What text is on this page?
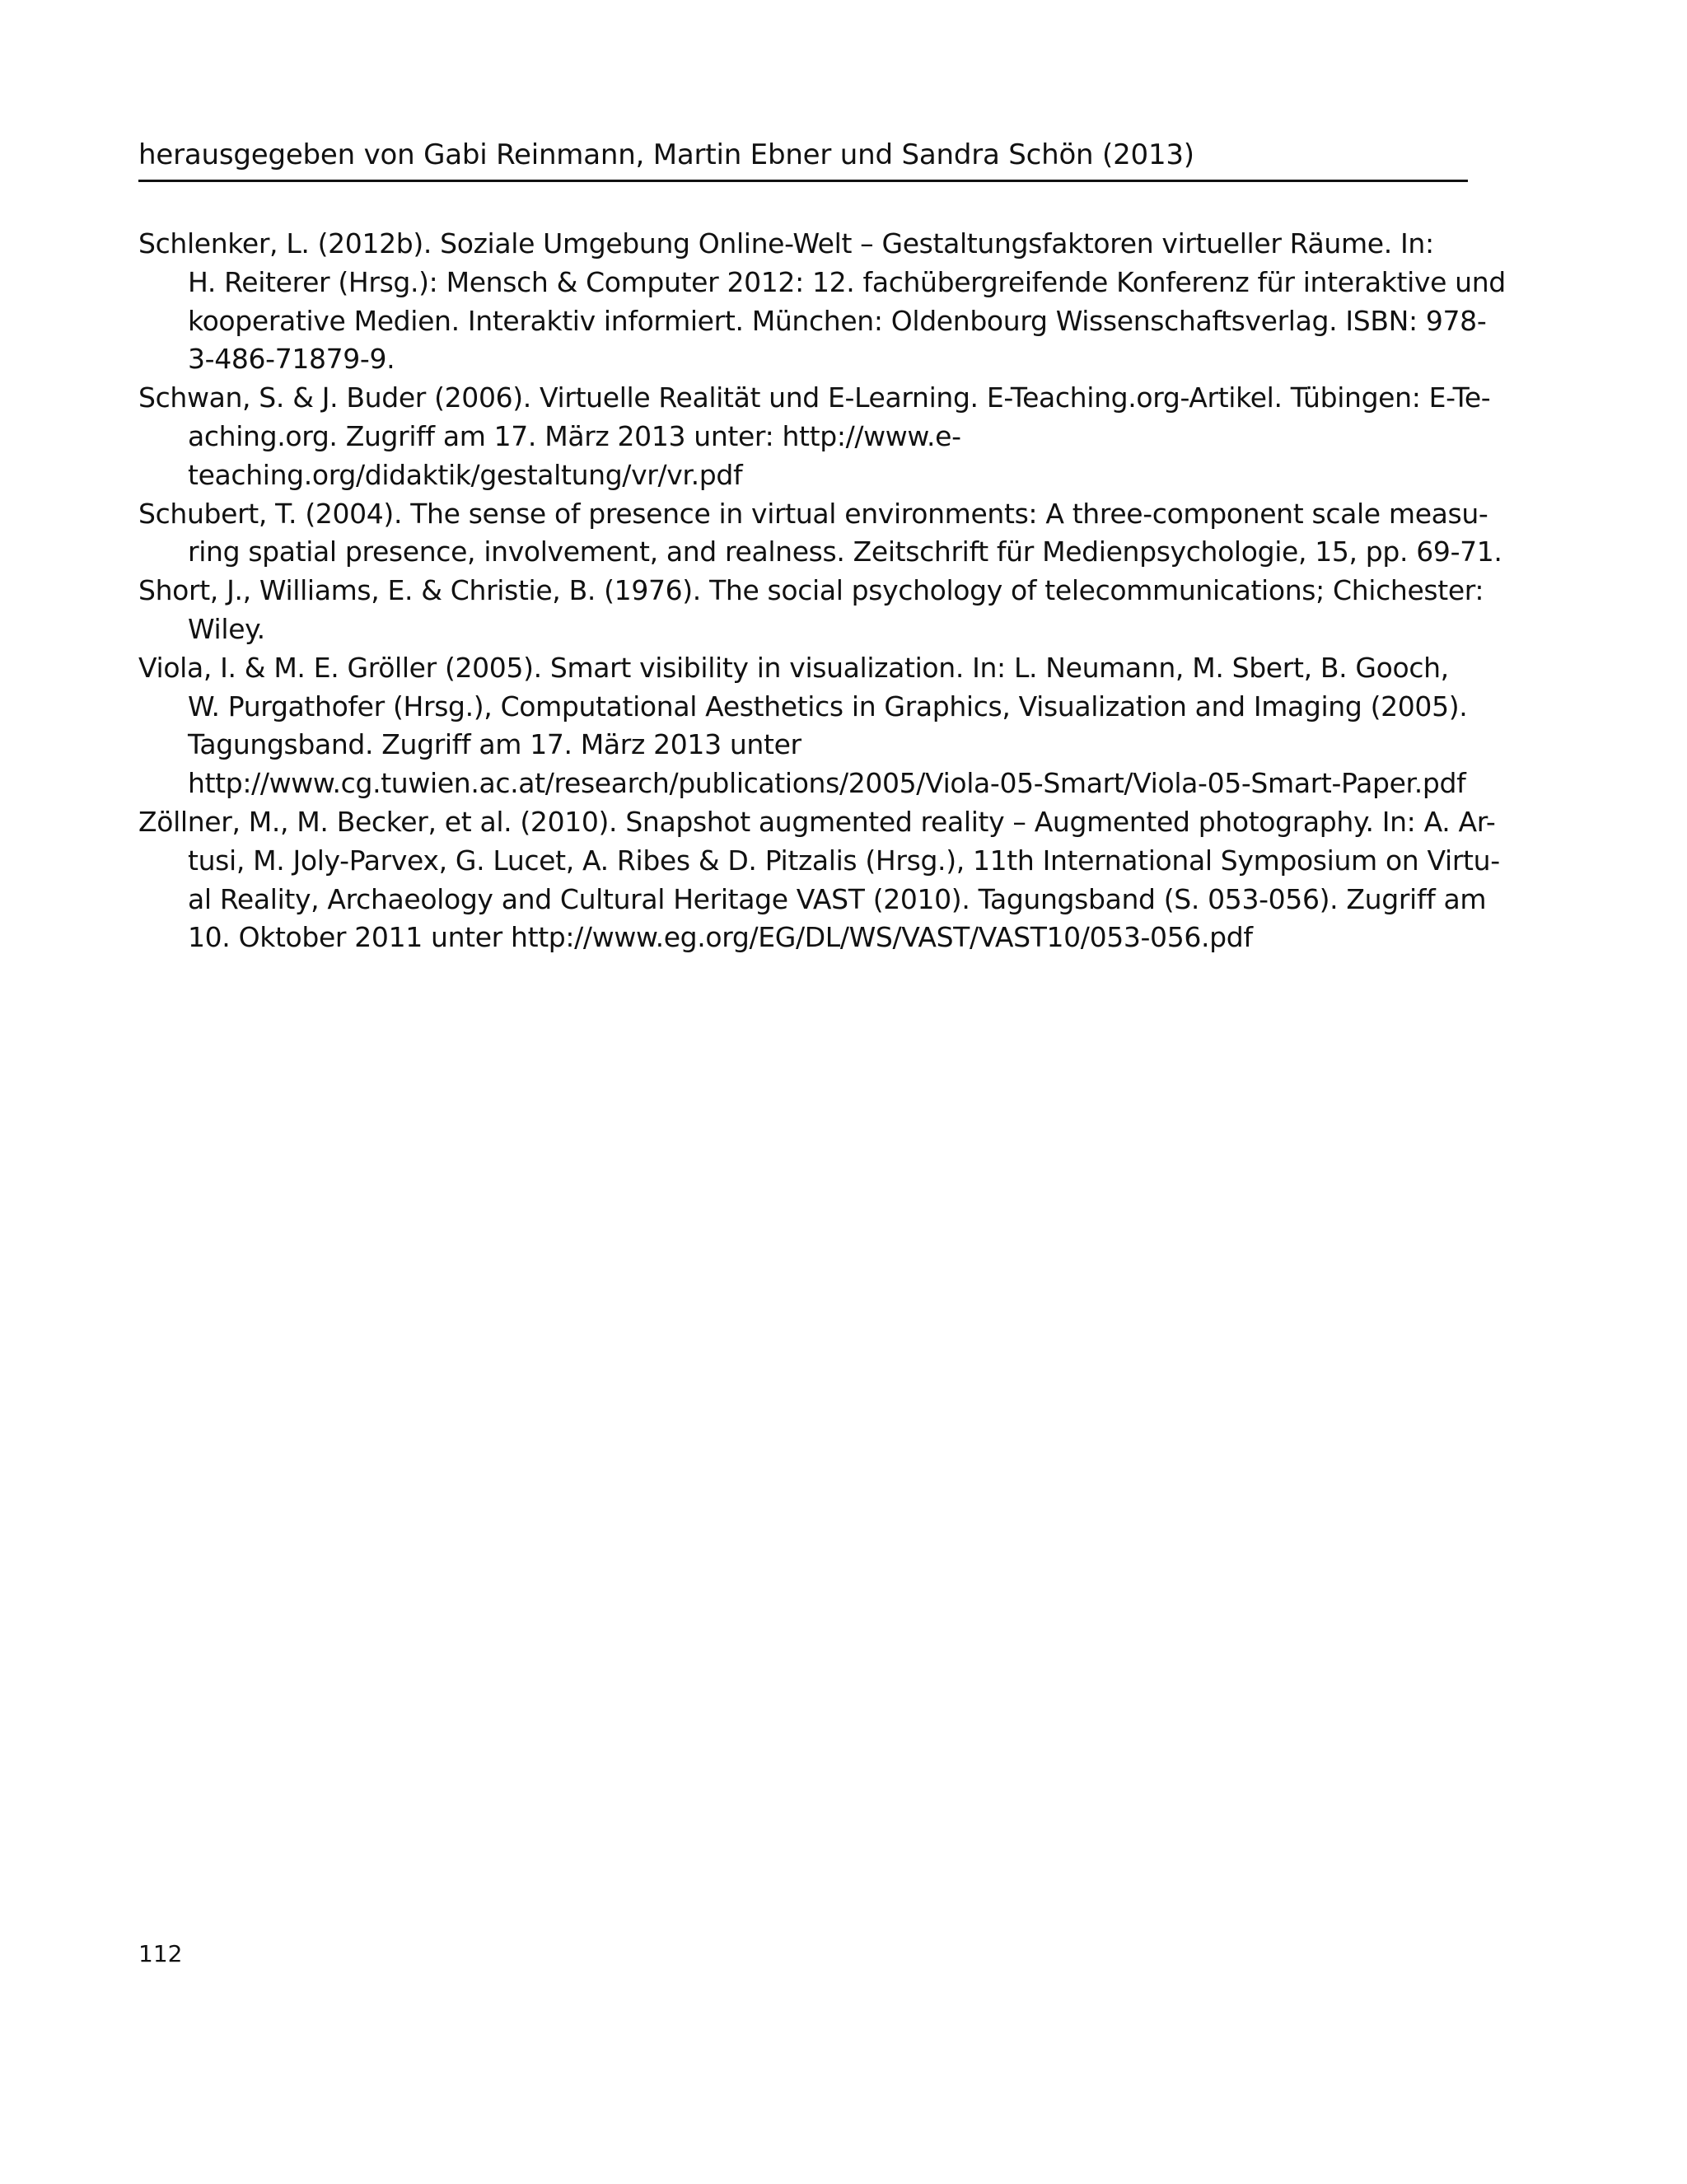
herausgegeben von Gabi Reinmann, Martin Ebner und Sandra Schön (2013)
Schlenker, L. (2012b). Soziale Umgebung Online-Welt – Gestaltungsfaktoren virtueller Räume. In:
H. Reiterer (Hrsg.): Mensch & Computer 2012: 12. fachübergreifende Konferenz für interaktive und
kooperative Medien. Interaktiv informiert. München: Oldenbourg Wissenschaftsverlag. ISBN: 978-
3-486-71879-9.
Schwan, S. & J. Buder (2006). Virtuelle Realität und E-Learning. E-Teaching.org-Artikel. Tübingen: E-Te-
aching.org. Zugriff am 17. März 2013 unter: http://www.e-
teaching.org/didaktik/gestaltung/vr/vr.pdf
Schubert, T. (2004). The sense of presence in virtual environments: A three-component scale measu-
ring spatial presence, involvement, and realness. Zeitschrift für Medienpsychologie, 15, pp. 69-71.
Short, J., Williams, E. & Christie, B. (1976). The social psychology of telecommunications; Chichester:
Wiley.
Viola, I. & M. E. Gröller (2005). Smart visibility in visualization. In: L. Neumann, M. Sbert, B. Gooch,
W. Purgathofer (Hrsg.), Computational Aesthetics in Graphics, Visualization and Imaging (2005).
Tagungsband. Zugriff am 17. März 2013 unter
http://www.cg.tuwien.ac.at/research/publications/2005/Viola-05-Smart/Viola-05-Smart-Paper.pdf
Zöllner, M., M. Becker, et al. (2010). Snapshot augmented reality – Augmented photography. In: A. Ar-
tusi, M. Joly-Parvex, G. Lucet, A. Ribes & D. Pitzalis (Hrsg.), 11th International Symposium on Virtu-
al Reality, Archaeology and Cultural Heritage VAST (2010). Tagungsband (S. 053-056). Zugriff am
10. Oktober 2011 unter http://www.eg.org/EG/DL/WS/VAST/VAST10/053-056.pdf
112
